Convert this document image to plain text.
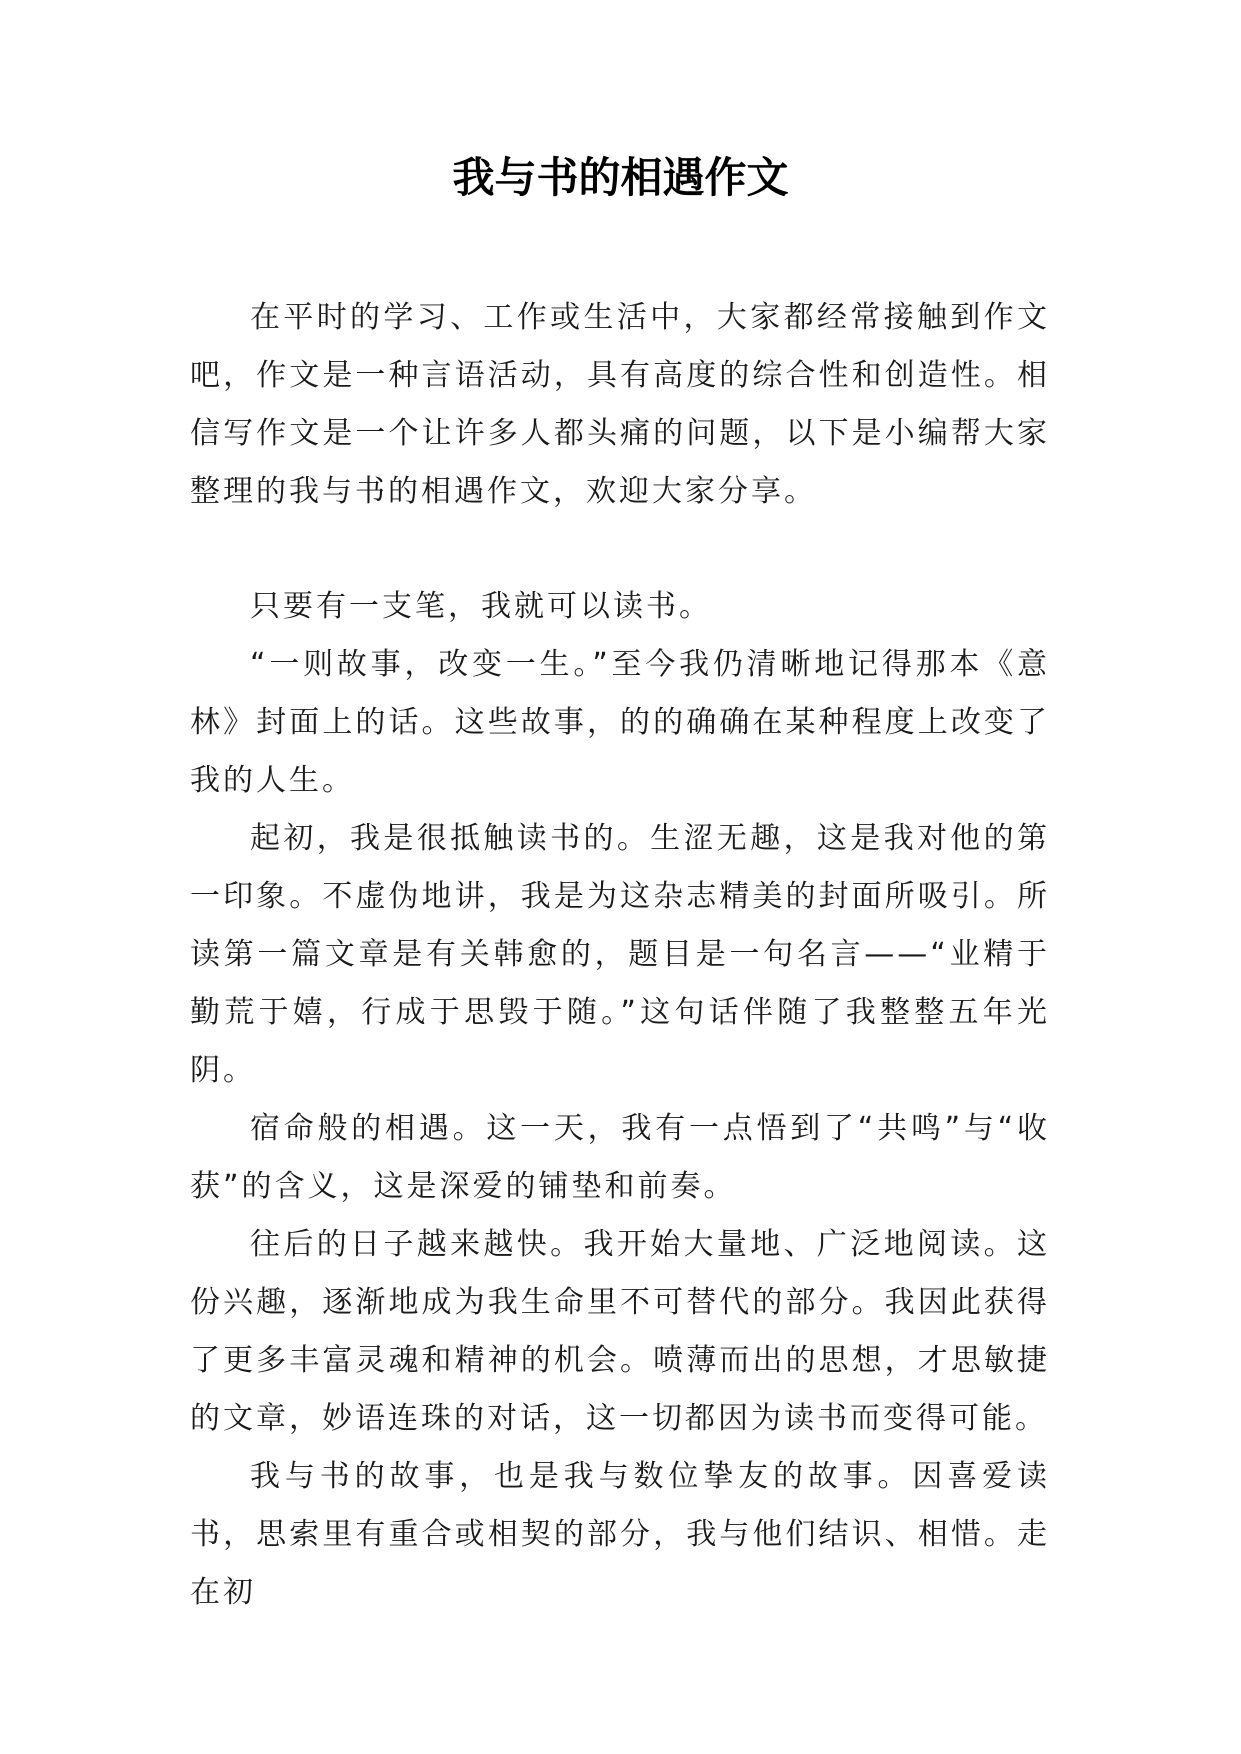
我与书的相遇作文

在平时的学习、工作或生活中，大家都经常接触到作文吧，作文是一种言语活动，具有高度的综合性和创造性。相信写作文是一个让许多人都头痛的问题，以下是小编帮大家整理的我与书的相遇作文，欢迎大家分享。

只要有一支笔，我就可以读书。

“一则故事，改变一生。”至今我仍清晰地记得那本《意林》封面上的话。这些故事，的的确确在某种程度上改变了我的人生。

起初，我是很抵触读书的。生涩无趣，这是我对他的第一印象。不虚伪地讲，我是为这杂志精美的封面所吸引。所读第一篇文章是有关韩愈的，题目是一句名言——“业精于勤荒于嬉，行成于思毁于随。”这句话伴随了我整整五年光阴。

宿命般的相遇。这一天，我有一点悟到了“共鸣”与“收获”的含义，这是深爱的铺垫和前奏。

往后的日子越来越快。我开始大量地、广泛地阅读。这份兴趣，逐渐地成为我生命里不可替代的部分。我因此获得了更多丰富灵魂和精神的机会。喷薄而出的思想，才思敏捷的文章，妙语连珠的对话，这一切都因为读书而变得可能。

我与书的故事，也是我与数位挚友的故事。因喜爱读书，思索里有重合或相契的部分，我与他们结识、相惜。走在初
